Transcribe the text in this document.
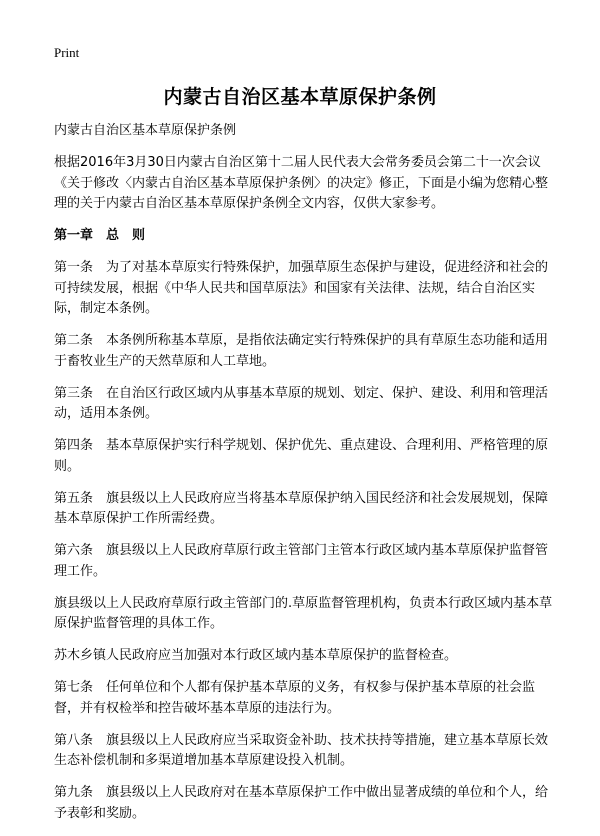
Print
内蒙古自治区基本草原保护条例

内蒙古自治区基本草原保护条例

根据2016年3月30日内蒙古自治区第十二届人民代表大会常务委员会第二十一次会议《关于修改〈内蒙古自治区基本草原保护条例〉的决定》修正，下面是小编为您精心整理的关于内蒙古自治区基本草原保护条例全文内容，仅供大家参考。

第一章　总　则

第一条　为了对基本草原实行特殊保护，加强草原生态保护与建设，促进经济和社会的可持续发展，根据《中华人民共和国草原法》和国家有关法律、法规，结合自治区实际，制定本条例。

第二条　本条例所称基本草原，是指依法确定实行特殊保护的具有草原生态功能和适用于畜牧业生产的天然草原和人工草地。

第三条　在自治区行政区域内从事基本草原的规划、划定、保护、建设、利用和管理活动，适用本条例。

第四条　基本草原保护实行科学规划、保护优先、重点建设、合理利用、严格管理的原则。

第五条　旗县级以上人民政府应当将基本草原保护纳入国民经济和社会发展规划，保障基本草原保护工作所需经费。

第六条　旗县级以上人民政府草原行政主管部门主管本行政区域内基本草原保护监督管理工作。

旗县级以上人民政府草原行政主管部门的.草原监督管理机构，负责本行政区域内基本草原保护监督管理的具体工作。

苏木乡镇人民政府应当加强对本行政区域内基本草原保护的监督检查。

第七条　任何单位和个人都有保护基本草原的义务，有权参与保护基本草原的社会监督，并有权检举和控告破坏基本草原的违法行为。

第八条　旗县级以上人民政府应当采取资金补助、技术扶持等措施，建立基本草原长效生态补偿机制和多渠道增加基本草原建设投入机制。

第九条　旗县级以上人民政府对在基本草原保护工作中做出显著成绩的单位和个人，给予表彰和奖励。
